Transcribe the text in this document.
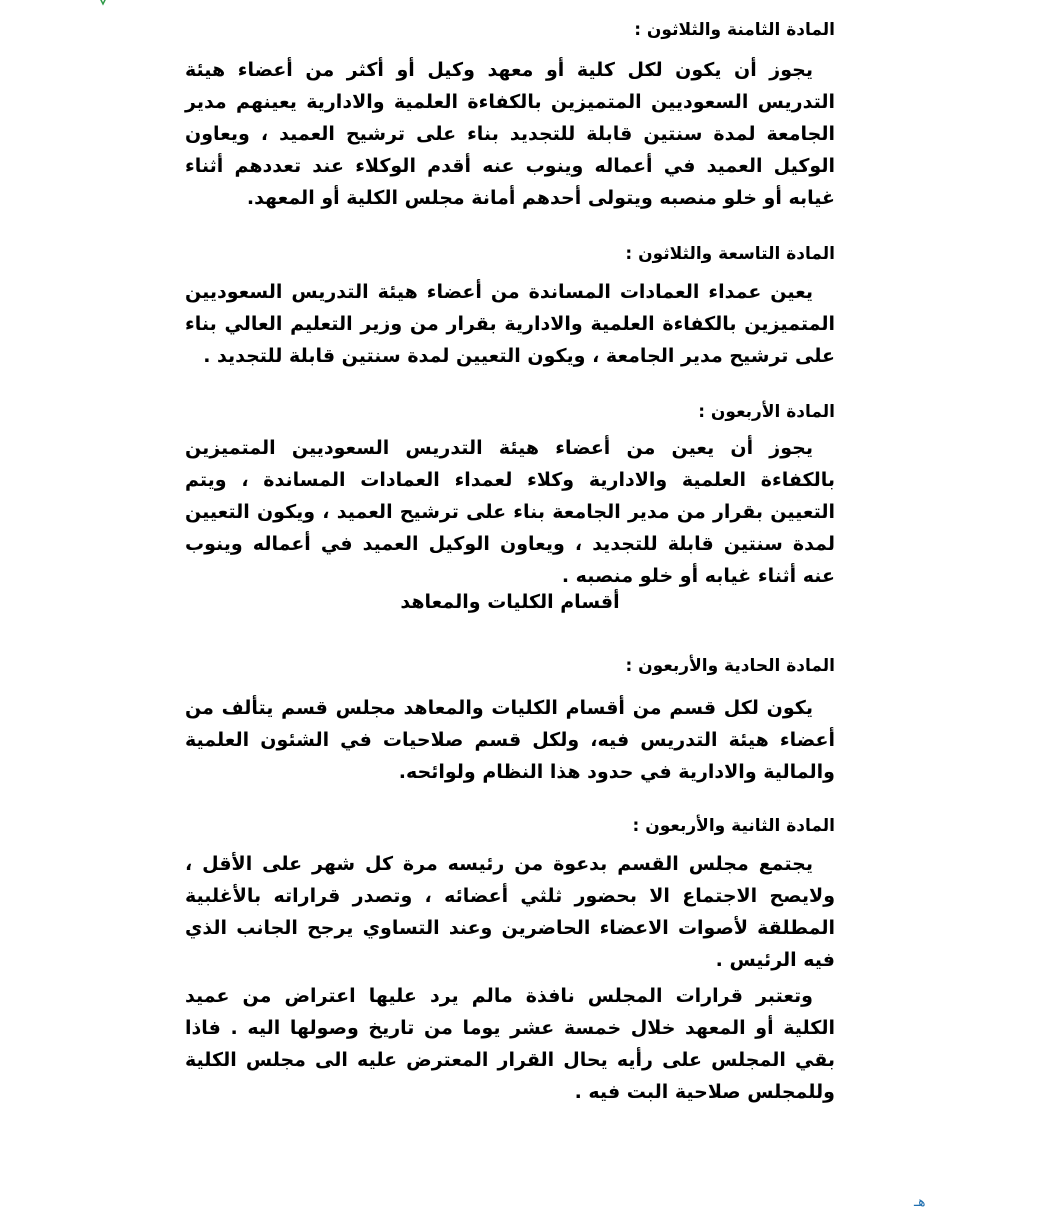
المادة الثامنة والثلاثون :

يجوز أن يكون لكل كلية أو معهد وكيل أو أكثر من أعضاء هيئة التدريس السعوديين المتميزين بالكفاءة العلمية والادارية يعينهم مدير الجامعة لمدة سنتين قابلة للتجديد بناء على ترشيح العميد ، ويعاون الوكيل العميد في أعماله وينوب عنه أقدم الوكلاء عند تعددهم أثناء غيابه أو خلو منصبه ويتولى أحدهم أمانة مجلس الكلية أو المعهد.

المادة التاسعة والثلاثون :

يعين عمداء العمادات المساندة من أعضاء هيئة التدريس السعوديين المتميزين بالكفاءة العلمية والادارية بقرار من وزير التعليم العالي بناء على ترشيح مدير الجامعة ، ويكون التعيين لمدة سنتين قابلة للتجديد .

المادة الأربعون :

يجوز أن يعين من أعضاء هيئة التدريس السعوديين المتميزين بالكفاءة العلمية والادارية وكلاء لعمداء العمادات المساندة ، ويتم التعيين بقرار من مدير الجامعة بناء على ترشيح العميد ، ويكون التعيين لمدة سنتين قابلة للتجديد ، ويعاون الوكيل العميد في أعماله وينوب عنه أثناء غيابه أو خلو منصبه .

أقسام الكليات والمعاهد

المادة الحادية والأربعون :

يكون لكل قسم من أقسام الكليات والمعاهد مجلس قسم يتألف من أعضاء هيئة التدريس فيه، ولكل قسم صلاحيات في الشئون العلمية والمالية والادارية في حدود هذا النظام ولوائحه.

المادة الثانية والأربعون :

يجتمع مجلس القسم بدعوة من رئيسه مرة كل شهر على الأقل ، ولايصح الاجتماع الا بحضور ثلثي أعضائه ، وتصدر قراراته بالأغلبية المطلقة لأصوات الاعضاء الحاضرين وعند التساوي يرجح الجانب الذي فيه الرئيس .

وتعتبر قرارات المجلس نافذة مالم يرد عليها اعتراض من عميد الكلية أو المعهد خلال خمسة عشر يوما من تاريخ وصولها اليه . فاذا بقي المجلس على رأيه يحال القرار المعترض عليه الى مجلس الكلية وللمجلس صلاحية البت فيه .

هـ
